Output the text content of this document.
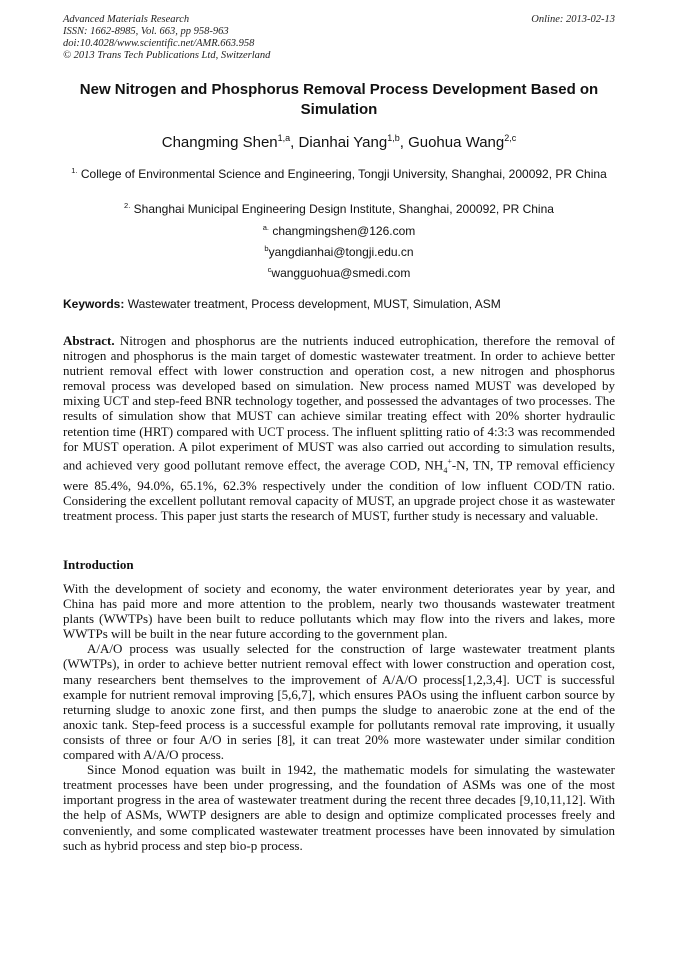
Advanced Materials Research
ISSN: 1662-8985, Vol. 663, pp 958-963
doi:10.4028/www.scientific.net/AMR.663.958
© 2013 Trans Tech Publications Ltd, Switzerland
Online: 2013-02-13
New Nitrogen and Phosphorus Removal Process Development Based on Simulation
Changming Shen$^{1,a}$, Dianhai Yang$^{1,b}$, Guohua Wang$^{2,c}$
$^{1.}$ College of Environmental Science and Engineering, Tongji University, Shanghai, 200092, PR China
$^{2.}$ Shanghai Municipal Engineering Design Institute, Shanghai, 200092, PR China
$^{a.}$ changmingshen@126.com
$^b$yangdianhai@tongji.edu.cn
$^c$wangguohua@smedi.com
Keywords: Wastewater treatment, Process development, MUST, Simulation, ASM
Abstract. Nitrogen and phosphorus are the nutrients induced eutrophication, therefore the removal of nitrogen and phosphorus is the main target of domestic wastewater treatment. In order to achieve better nutrient removal effect with lower construction and operation cost, a new nitrogen and phosphorus removal process was developed based on simulation. New process named MUST was developed by mixing UCT and step-feed BNR technology together, and possessed the advantages of two processes. The results of simulation show that MUST can achieve similar treating effect with 20% shorter hydraulic retention time (HRT) compared with UCT process. The influent splitting ratio of 4:3:3 was recommended for MUST operation. A pilot experiment of MUST was also carried out according to simulation results, and achieved very good pollutant remove effect, the average COD, $NH_4^+-N$, TN, TP removal efficiency were 85.4%, 94.0%, 65.1%, 62.3% respectively under the condition of low influent COD/TN ratio. Considering the excellent pollutant removal capacity of MUST, an upgrade project chose it as wastewater treatment process. This paper just starts the research of MUST, further study is necessary and valuable.
Introduction

With the development of society and economy, the water environment deteriorates year by year, and China has paid more and more attention to the problem, nearly two thousands wastewater treatment plants (WWTPs) have been built to reduce pollutants which may flow into the rivers and lakes, more WWTPs will be built in the near future according to the government plan.

A/A/O process was usually selected for the construction of large wastewater treatment plants (WWTPs), in order to achieve better nutrient removal effect with lower construction and operation cost, many researchers bent themselves to the improvement of A/A/O process[1,2,3,4]. UCT is successful example for nutrient removal improving [5,6,7], which ensures PAOs using the influent carbon source by returning sludge to anoxic zone first, and then pumps the sludge to anaerobic zone at the end of the anoxic tank. Step-feed process is a successful example for pollutants removal rate improving, it usually consists of three or four A/O in series [8], it can treat 20% more wastewater under similar condition compared with A/A/O process.

Since Monod equation was built in 1942, the mathematic models for simulating the wastewater treatment processes have been under progressing, and the foundation of ASMs was one of the most important progress in the area of wastewater treatment during the recent three decades [9,10,11,12]. With the help of ASMs, WWTP designers are able to design and optimize complicated processes freely and conveniently, and some complicated wastewater treatment processes have been innovated by simulation such as hybrid process and step bio-p process.
